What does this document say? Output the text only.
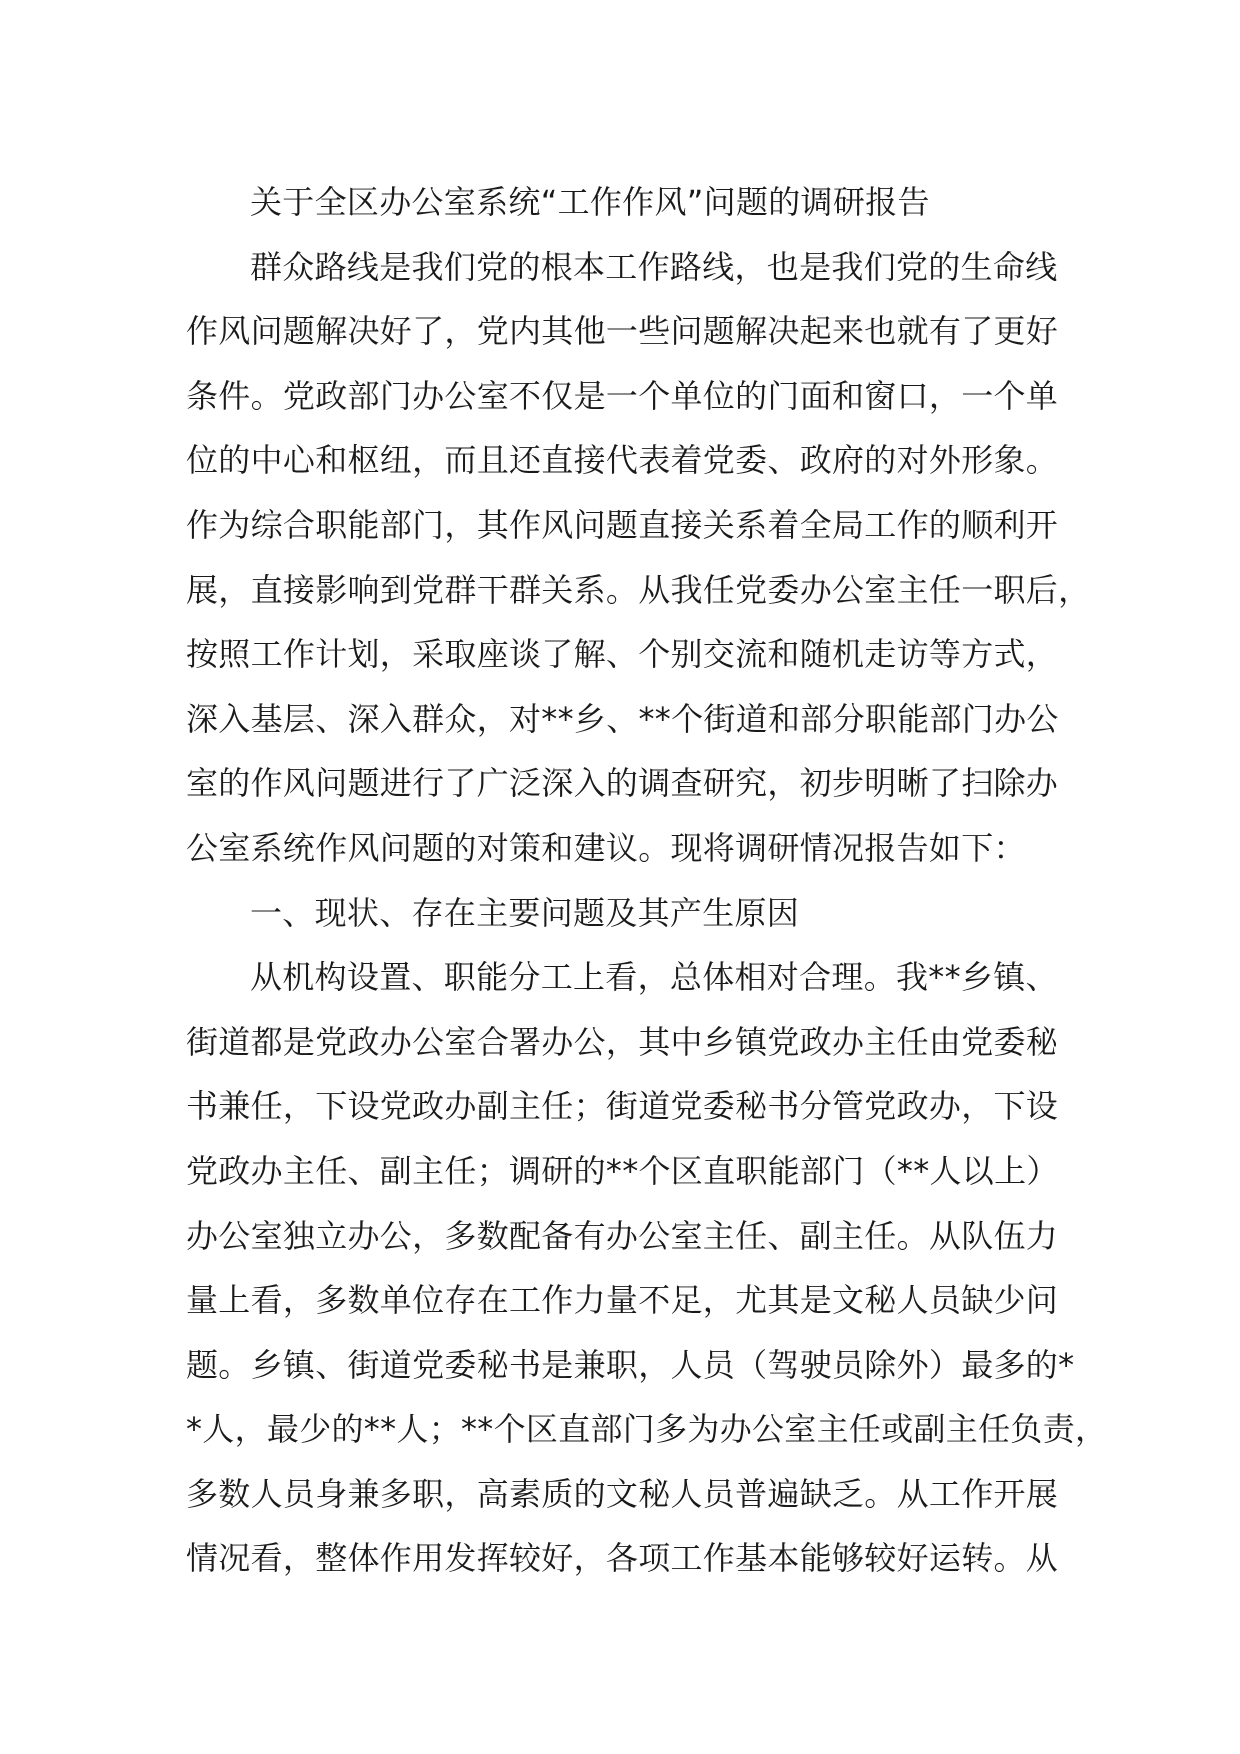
关于全区办公室系统“工作作风”问题的调研报告
群众路线是我们党的根本工作路线，也是我们党的生命线
作风问题解决好了，党内其他一些问题解决起来也就有了更好
条件。党政部门办公室不仅是一个单位的门面和窗口，一个单
位的中心和枢纽，而且还直接代表着党委、政府的对外形象。
作为综合职能部门，其作风问题直接关系着全局工作的顺利开
展，直接影响到党群干群关系。从我任党委办公室主任一职后，
按照工作计划，采取座谈了解、个别交流和随机走访等方式，
深入基层、深入群众，对**乡、**个街道和部分职能部门办公
室的作风问题进行了广泛深入的调查研究，初步明晰了扫除办
公室系统作风问题的对策和建议。现将调研情况报告如下：
一、现状、存在主要问题及其产生原因
从机构设置、职能分工上看，总体相对合理。我**乡镇、
街道都是党政办公室合署办公，其中乡镇党政办主任由党委秘
书兼任，下设党政办副主任；街道党委秘书分管党政办，下设
党政办主任、副主任；调研的**个区直职能部门（**人以上）
办公室独立办公，多数配备有办公室主任、副主任。从队伍力
量上看，多数单位存在工作力量不足，尤其是文秘人员缺少问
题。乡镇、街道党委秘书是兼职，人员（驾驶员除外）最多的*
*人，最少的**人；**个区直部门多为办公室主任或副主任负责，
多数人员身兼多职，高素质的文秘人员普遍缺乏。从工作开展
情况看，整体作用发挥较好，各项工作基本能够较好运转。从
